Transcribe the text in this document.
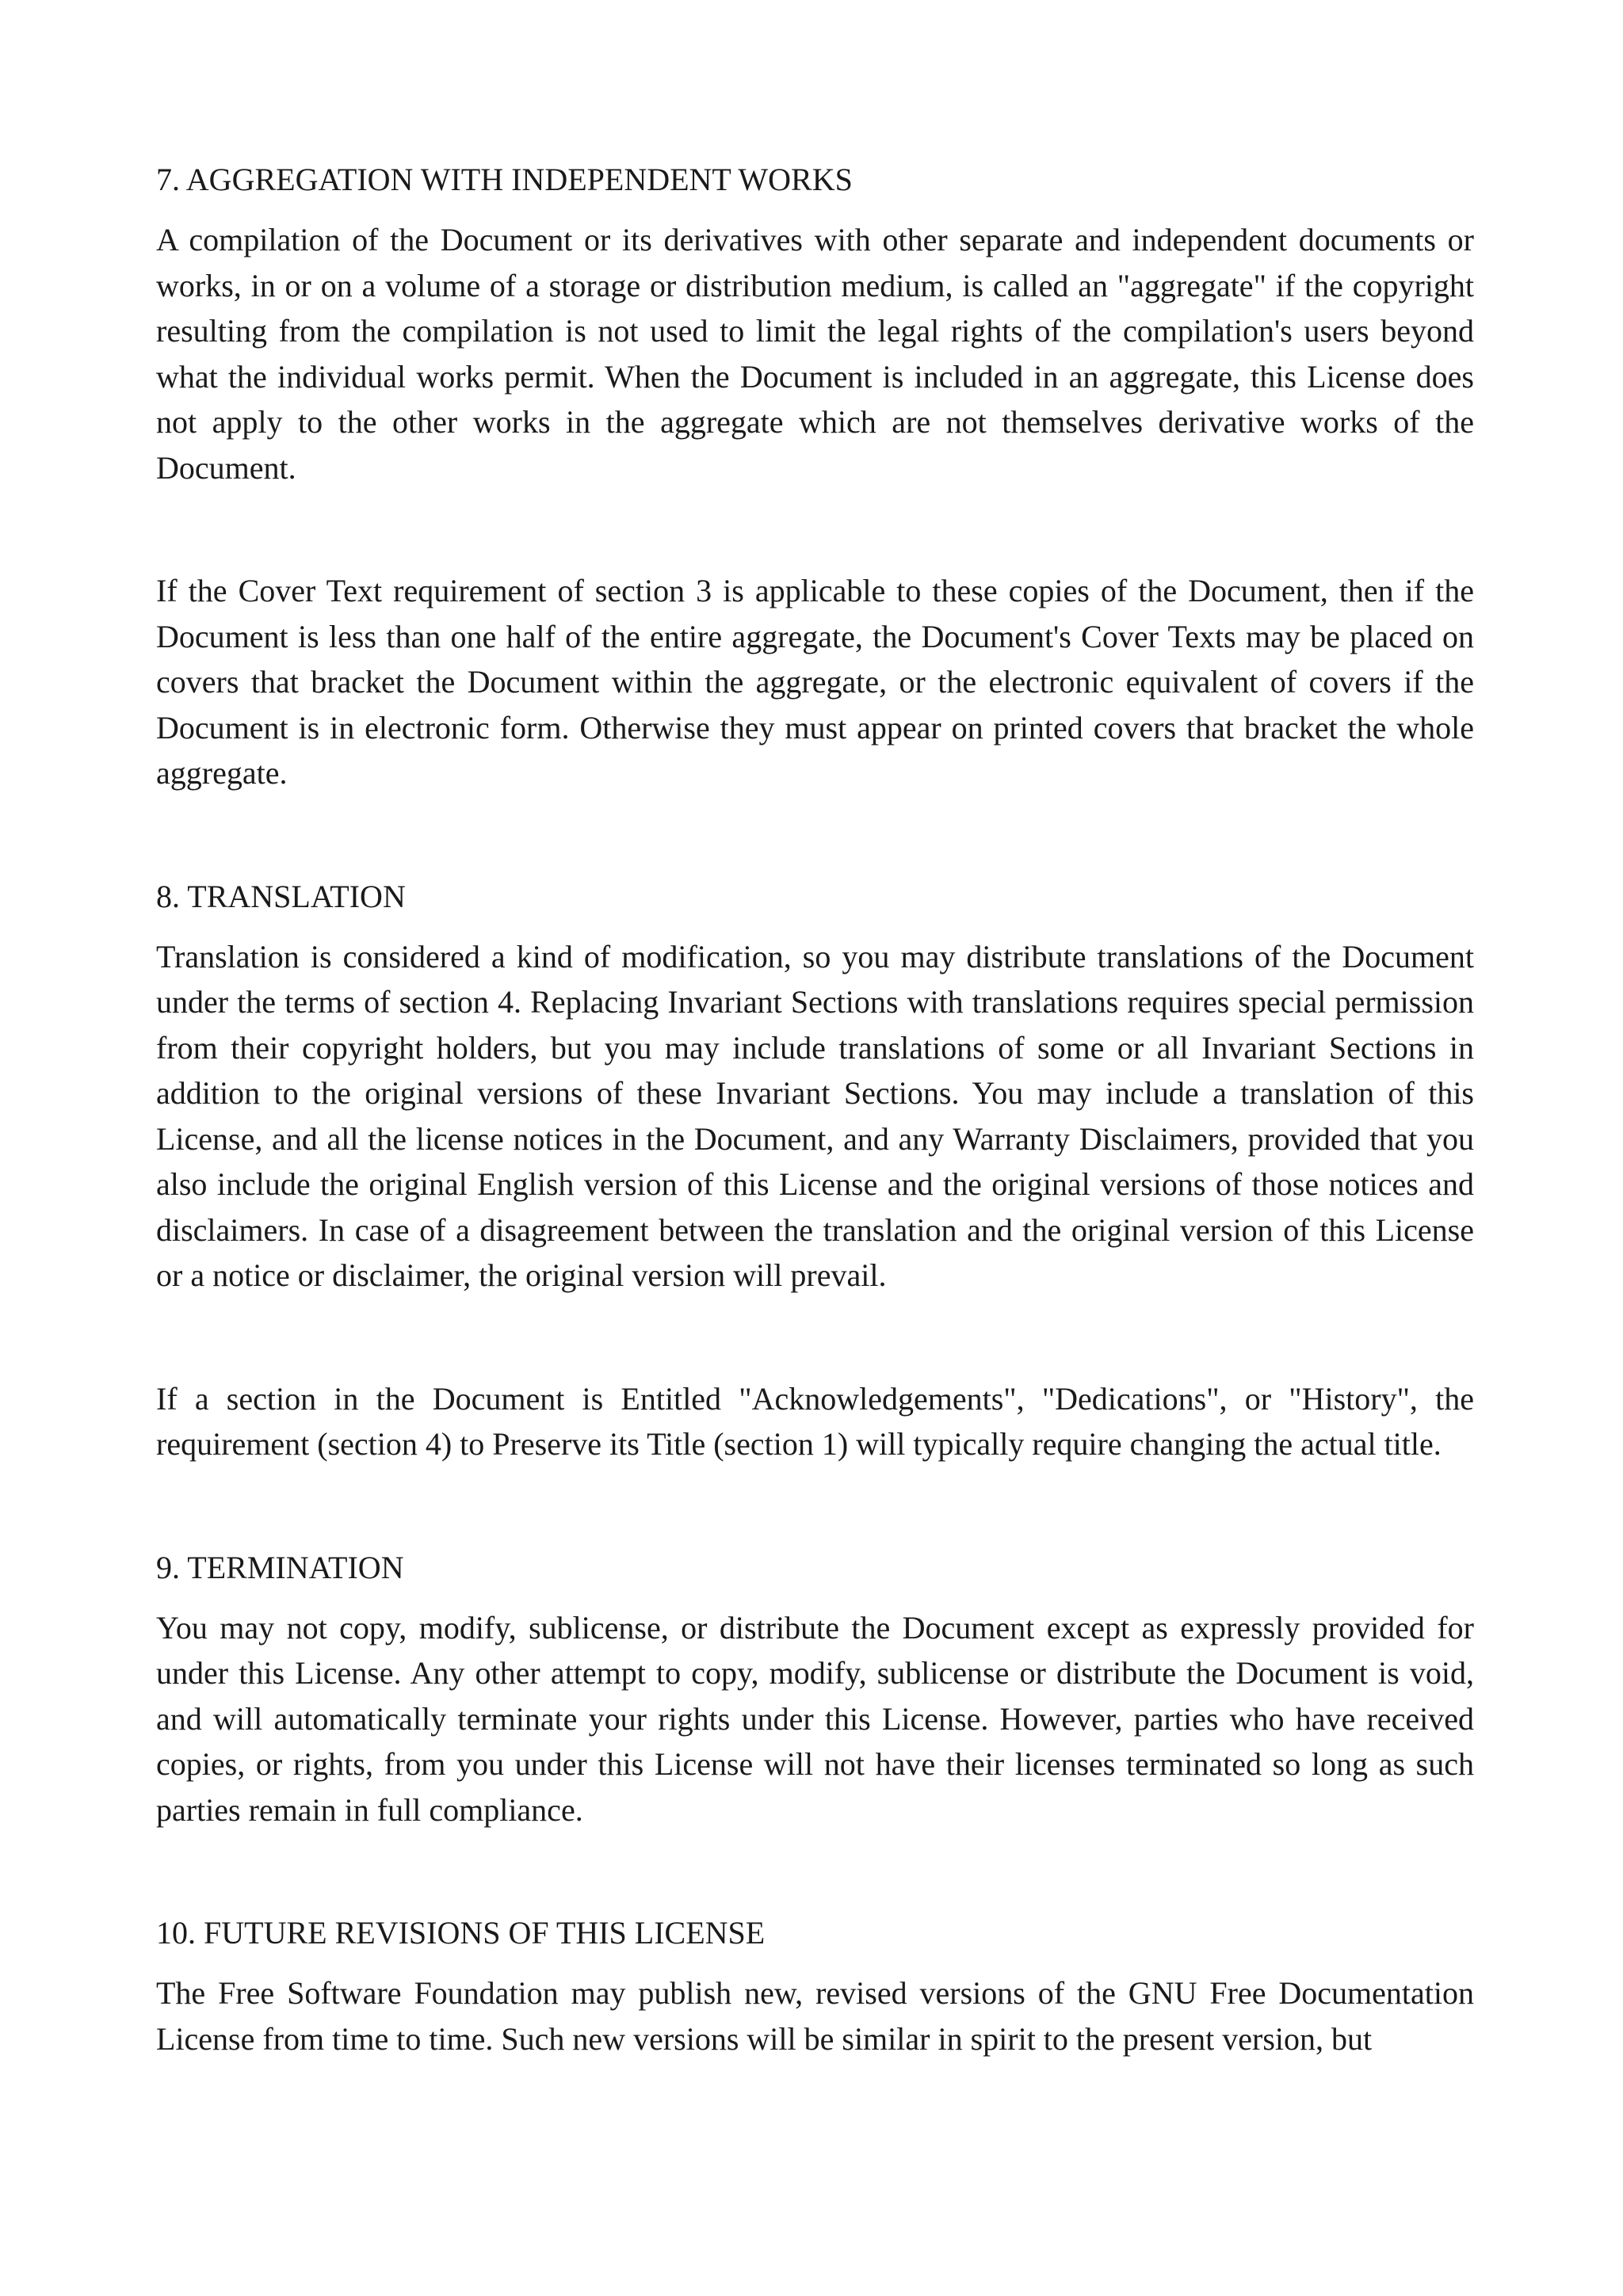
7. AGGREGATION WITH INDEPENDENT WORKS

A compilation of the Document or its derivatives with other separate and independent documents or works, in or on a volume of a storage or distribution medium, is called an "aggregate" if the copyright resulting from the compilation is not used to limit the legal rights of the compilation's users beyond what the individual works permit. When the Document is included in an aggregate, this License does not apply to the other works in the aggregate which are not themselves derivative works of the Document.

If the Cover Text requirement of section 3 is applicable to these copies of the Document, then if the Document is less than one half of the entire aggregate, the Document's Cover Texts may be placed on covers that bracket the Document within the aggregate, or the electronic equivalent of covers if the Document is in electronic form. Otherwise they must appear on printed covers that bracket the whole aggregate.

8. TRANSLATION

Translation is considered a kind of modification, so you may distribute translations of the Document under the terms of section 4. Replacing Invariant Sections with translations requires special permission from their copyright holders, but you may include translations of some or all Invariant Sections in addition to the original versions of these Invariant Sections. You may include a translation of this License, and all the license notices in the Document, and any Warranty Disclaimers, provided that you also include the original English version of this License and the original versions of those notices and disclaimers. In case of a disagreement between the translation and the original version of this License or a notice or disclaimer, the original version will prevail.

If a section in the Document is Entitled "Acknowledgements", "Dedications", or "History", the requirement (section 4) to Preserve its Title (section 1) will typically require changing the actual title.

9. TERMINATION

You may not copy, modify, sublicense, or distribute the Document except as expressly provided for under this License. Any other attempt to copy, modify, sublicense or distribute the Document is void, and will automatically terminate your rights under this License. However, parties who have received copies, or rights, from you under this License will not have their licenses terminated so long as such parties remain in full compliance.

10. FUTURE REVISIONS OF THIS LICENSE

The Free Software Foundation may publish new, revised versions of the GNU Free Documentation License from time to time. Such new versions will be similar in spirit to the present version, but
